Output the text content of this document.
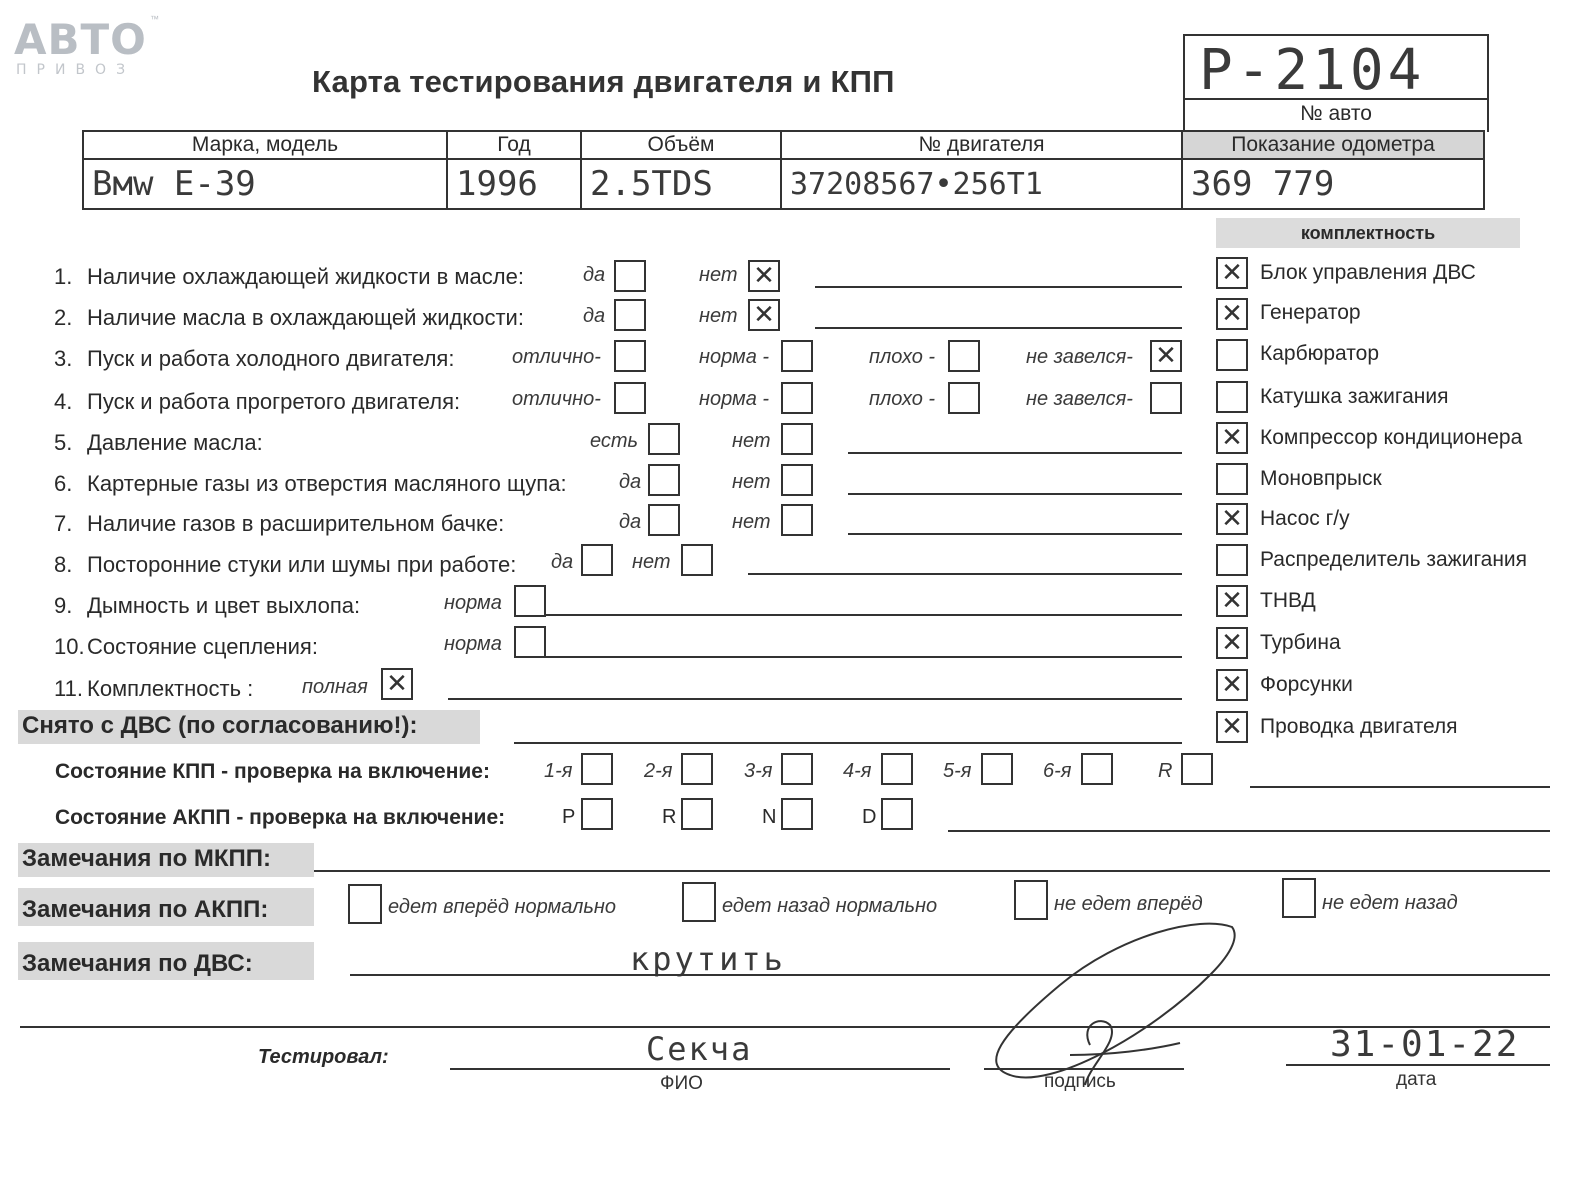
АВТО
ПРИВОЗ
™
Карта тестирования двигателя и КПП	P-2104
№ авто
Марка, модель	Год	Объём	№ двигателя	Показание одометра
Вмw E-39	1996	2.5TDS	37208567•256T1	369 779
комплектность
1. Наличие охлаждающей жидкости в масле:	да	нет ✕
2. Наличие масла в охлаждающей жидкости:	да	нет ✕
3. Пуск и работа холодного двигателя:	отлично-	норма -	плохо -	не завелся- ✕
4. Пуск и работа прогретого двигателя:	отлично-	норма -	плохо -	не завелся-
5. Давление масла:	есть	нет
6. Картерные газы из отверстия масляного щупа:	да	нет
7. Наличие газов в расширительном бачке:	да	нет
8. Посторонние стуки или шумы при работе: да	нет
9. Дымность и цвет выхлопа:	норма
10. Состояние сцепления:	норма
11. Комплектность : полная ✕
✕ Блок управления ДВС
✕ Генератор
Карбюратор
Катушка зажигания
✕ Компрессор кондиционера
Моновпрыск
✕ Насос г/у
Распределитель зажигания
✕ ТНВД
✕ Турбина
✕ Форсунки
✕ Проводка двигателя
Снято с ДВС (по согласованию!):
Состояние КПП - проверка на включение:	1-я	2-я	3-я	4-я	5-я	6-я	R
Состояние АКПП - проверка на включение:	P	R	N	D
Замечания по МКПП:
Замечания по АКПП:	едет вперёд нормально	едет назад нормально	не едет вперёд	не едет назад
Замечания по ДВС:	крутить
Тестировал:	Секча
ФИО	подпись
31-01-22
дата
